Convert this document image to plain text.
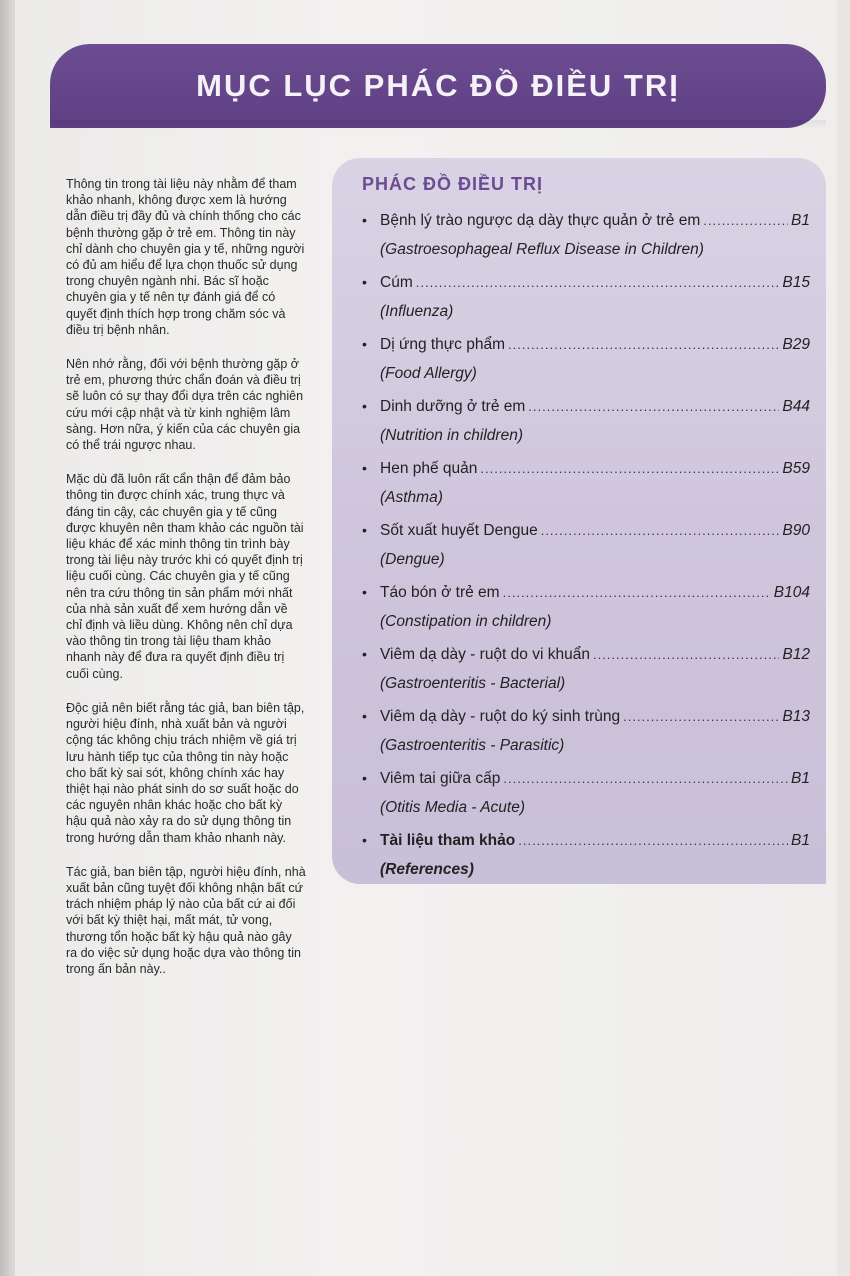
MỤC LỤC PHÁC ĐỒ ĐIỀU TRỊ

Thông tin trong tài liệu này nhằm để tham khảo nhanh, không được xem là hướng dẫn điều trị đầy đủ và chính thống cho các bệnh thường gặp ở trẻ em. Thông tin này chỉ dành cho chuyên gia y tế, những người có đủ am hiểu để lựa chọn thuốc sử dụng trong chuyên ngành nhi. Bác sĩ hoặc chuyên gia y tế nên tự đánh giá để có quyết định thích hợp trong chăm sóc và điều trị bệnh nhân.

Nên nhớ rằng, đối với bệnh thường gặp ở trẻ em, phương thức chẩn đoán và điều trị sẽ luôn có sự thay đổi dựa trên các nghiên cứu mới cập nhật và từ kinh nghiệm lâm sàng. Hơn nữa, ý kiến của các chuyên gia có thể trái ngược nhau.

Mặc dù đã luôn rất cẩn thận để đảm bảo thông tin được chính xác, trung thực và đáng tin cậy, các chuyên gia y tế cũng được khuyên nên tham khảo các nguồn tài liệu khác để xác minh thông tin trình bày trong tài liệu này trước khi có quyết định trị liệu cuối cùng. Các chuyên gia y tế cũng nên tra cứu thông tin sản phẩm mới nhất của nhà sản xuất để xem hướng dẫn về chỉ định và liều dùng. Không nên chỉ dựa vào thông tin trong tài liệu tham khảo nhanh này để đưa ra quyết định điều trị cuối cùng.

Độc giả nên biết rằng tác giả, ban biên tập, người hiệu đính, nhà xuất bản và người cộng tác không chịu trách nhiệm về giá trị lưu hành tiếp tục của thông tin này hoặc cho bất kỳ sai sót, không chính xác hay thiệt hại nào phát sinh do sơ suất hoặc do các nguyên nhân khác hoặc cho bất kỳ hậu quả nào xảy ra do sử dụng thông tin trong hướng dẫn tham khảo nhanh này.

Tác giả, ban biên tập, người hiệu đính, nhà xuất bản cũng tuyệt đối không nhận bất cứ trách nhiệm pháp lý nào của bất cứ ai đối với bất kỳ thiệt hại, mất mát, tử vong, thương tổn hoặc bất kỳ hậu quả nào gây ra do việc sử dụng hoặc dựa vào thông tin trong ấn bản này..

PHÁC ĐỒ ĐIỀU TRỊ
• Bệnh lý trào ngược dạ dày thực quản ở trẻ em .....	B1
(Gastroesophageal Reflux Disease in Children)
• Cúm .....	B15
(Influenza)
• Dị ứng thực phẩm .....	B29
(Food Allergy)
• Dinh dưỡng ở trẻ em .....	B44
(Nutrition in children)
• Hen phế quản .....	B59
(Asthma)
• Sốt xuất huyết Dengue .....	B90
(Dengue)
• Táo bón ở trẻ em .....	B104
(Constipation in children)
• Viêm dạ dày - ruột do vi khuẩn .....	B12
(Gastroenteritis - Bacterial)
• Viêm dạ dày - ruột do ký sinh trùng .....	B13
(Gastroenteritis - Parasitic)
• Viêm tai giữa cấp .....	B1
(Otitis Media - Acute)
• Tài liệu tham khảo .....	B1
(References)
